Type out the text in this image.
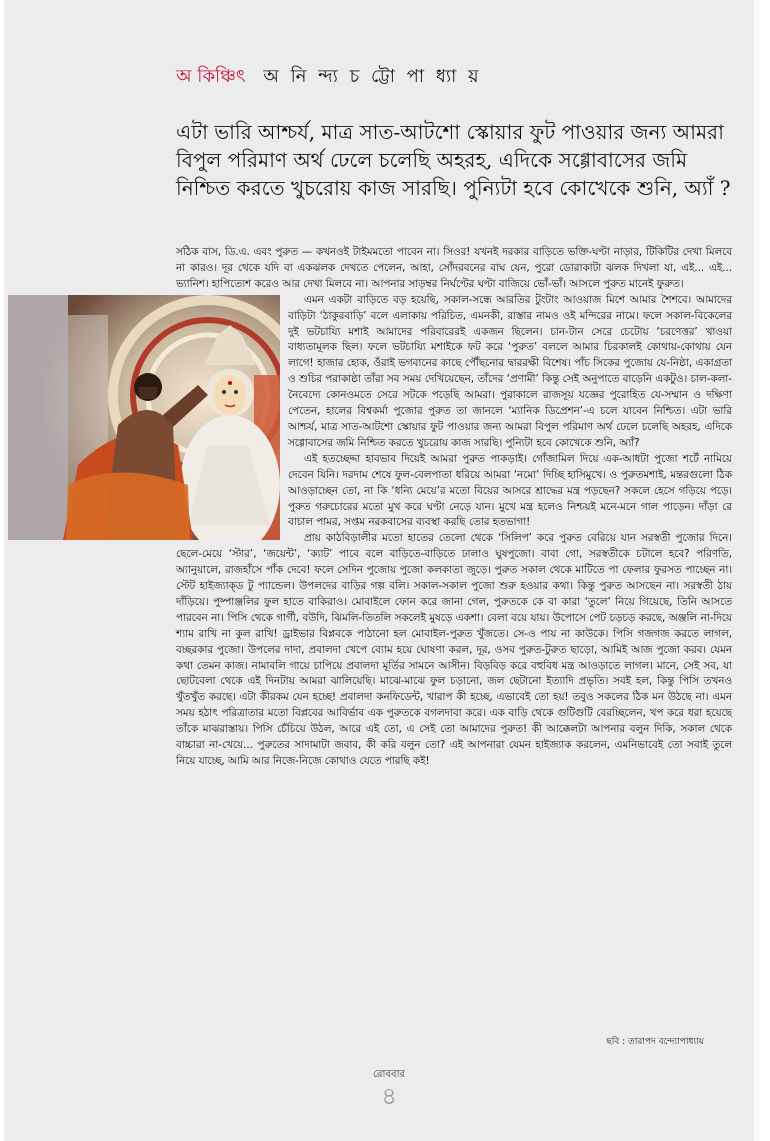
অ কিঞ্চিৎ অ নি ন্দ্য চ ট্টো পা ধ্যা য়
এটা ভারি আশ্চর্য, মাত্র সাত-আটশো স্কোয়ার ফুট পাওয়ার জন্য আমরা বিপুল পরিমাণ অর্থ ঢেলে চলেছি অহরহ, এদিকে সগ্গোবাসের জমি নিশ্চিত করতে খুচরোয় কাজ সারছি। পুন্যিটা হবে কোখেকে শুনি, অ্যাঁ ?

সঠিক বাস, ডি.এ. এবং পুরুত — কখনওই টাইমমতো পাবেন না। সিওর! যখনই দরকার বাড়িতে ভক্তি-ঘণ্টা নাড়ার, টিকিটির দেখা মিলবে না কারও। দূর থেকে যদি বা একঝলক দেখতে পেলেন, আহা, সোঁদরবনের বাঘ যেন, পুরো ডোরাকাটা ঝলক দিখলা যা, এই... এই... ভ্যানিশ। হাপিত্যেশ করেও আর দেখা মিলবে না। আপনার সাড়ম্বর নির্ঘণ্টের ঘণ্টা বাজিয়ে ভোঁ-ভাঁ। আসলে পুরুত মানেই ফুরুত।

এমন একটা বাড়িতে বড় হয়েছি, সকাল-সন্ধে আরতির টুংটাং আওয়াজ মিশে আমার শৈশবে। আমাদের বাড়িটা ‘ঠাকুরবাড়ি’ বলে এলাকায় পরিচিত, এমনকী, রাস্তার নামও ওই মন্দিরের নামে। ফলে সকাল-বিকেলের দুই ভটচায্যি মশাই আমাদের পরিবারেরই একজন ছিলেন। চান-টান সেরে চেটোয় ‘চরণেত্তর’ খাওয়া বাধ্যতামূলক ছিল। ফলে ভটচায্যি মশাইকে ফট করে ‘পুরুত’ বললে আমার চিরকালই কোথায়-কোথায় যেন লাগে! হাজার হোক, ওঁরাই ভগবানের কাছে পৌঁছনোর দ্বাররক্ষী বিশেষ। পাঁচ সিকের পুজোয় যে-নিষ্ঠা, একাগ্রতা ও শুচির পরাকাষ্ঠা তাঁরা সব সময় দেখিয়েছেন, তাঁদের ‘প্রণামী’ কিন্তু সেই অনুপাতে বাড়েনি একটুও। চাল-কলা-নৈবেদ্যে কোনওমতে সেরে সটকে পড়েছি আমরা। পুরাকালে রাজসূয় যজ্ঞের পুরোহিত যে-সম্মান ও দক্ষিণা পেতেন, হালের বিশ্বকর্মা পুজোর পুরুত তা জানলে ‘ম্যানিক ডিপ্রেশন’-এ চলে যাবেন নিশ্চিত। এটা ভারি আশ্চর্য, মাত্র সাত-আটশো স্কোয়ার ফুট পাওয়ার জন্য আমরা বিপুল পরিমাণ অর্থ ঢেলে চলেছি অহরহ, এদিকে সগ্গোবাসের জমি নিশ্চিত করতে খুচরোয় কাজ সারছি। পুন্যিটা হবে কোখেকে শুনি, অ্যাঁ?

এই হতচ্ছেদ্দা হাবভাব দিয়েই আমরা পুরুত পাকড়াই। গোঁজামিল দিয়ে এক-আধটা পুজো শর্টে নামিয়ে দেবেন যিনি। দরদাম শেষে ফুল-বেলপাতা ধরিয়ে আমরা ‘নমো’ দিচ্ছি হাসিমুখে। ও পুরুতমশাই, মন্তরগুলো ঠিক আওড়াচ্ছেন তো, না কি ‘ধন্যি মেয়ে’র মতো বিয়ের আসরে শ্রাদ্ধের মন্ত্র পড়ছেন? সকলে হেসে গড়িয়ে পড়ে। পুরুত গরুচোরের মতো মুখ করে ঘণ্টা নেড়ে যান। মুখে মন্ত্র হলেও নিশ্চয়ই মনে-মনে গাল পাড়েন। দাঁড়া রে বাচাল পামর, সপ্তম নরকবাসের ব্যবস্থা করছি তোর হতভাগা!

প্রায় কাঠবিড়ালীর মতো হাতের তেলো থেকে ‘সিলিপ’ করে পুরুত বেরিয়ে যান সরস্বতী পুজোর দিনে। ছেলে-মেয়ে ‘স্টার’, ‘জয়েন্ট’, ‘ক্যাট’ পাবে বলে বাড়িতে-বাড়িতে ঢালাও ঘুষপুজো। বাবা গো, সরস্বতীকে চটালে হবে? পরিণতি, অ্যানুয়ালে, রাজহাঁসে পাঁক দেবে! ফলে সেদিন পুজোয় পুজো কলকাতা জুড়ে। পুরুত সকাল থেকে মাটিতে পা ফেলার ফুরসত পাচ্ছেন না। স্টেট হাইজ্যাক্ড টু প্যান্ডেল। উপলদের বাড়ির গল্প বলি। সকাল-সকাল পুজো শুরু হওয়ার কথা। কিন্তু পুরুত আসছেন না। সরস্বতী ঠায় দাঁড়িয়ে। পুষ্পাঞ্জলির ফুল হাতে বাকিরাও। মোবাইলে ফোন করে জানা গেল, পুরুতকে কে বা কারা ‘তুলে’ নিয়ে গিয়েছে, তিনি আসতে পারবেন না। পিসি থেকে গার্গী, বউদি, ঝিমলি-তিতলি সকলেই মুষড়ে একশা। বেলা বয়ে যায়। উপোসে পেট চড়চড় করছে, অঞ্জলি না-দিয়ে শ্যাম রাখি না কুল রাখি! ড্রাইভার বিপ্লবকে পাঠানো হল মোবাইল-পুরুত খুঁজতে। সে-ও পায় না কাউকে। পিসি গজগজ করতে লাগল, বচ্ছরকার পুজো। উপলের দাদা, প্রবালদা খেপে ব্যোম হয়ে ঘোষণা করল, দূর, ওসব পুরুত-টুরুত ছাড়ো, আমিই আজ পুজো করব। যেমন কথা তেমন কাজ। নামাবলি গায়ে চাপিয়ে প্রবালদা মূর্তির সামনে আসীন। বিড়বিড় করে বহুবিধ মন্ত্র আওড়াতে লাগল। মানে, সেই সব, যা ছোটবেলা থেকে এই দিনটায় আমরা ঝালিয়েছি। মাঝে-মাঝে ফুল চড়ানো, জল ছেটানো ইত্যাদি প্রভৃতি। সবই হল, কিন্তু পিসি তখনও খুঁতখুঁত করছে। এটা কীরকম যেন হচ্ছে! প্রবালদা কনফিডেন্ট, খারাপ কী হচ্ছে, এভাবেই তো হয়! তবুও সকলের ঠিক মন উঠছে না। এমন সময় হঠাৎ পরিত্রাতার মতো বিপ্লবের আবির্ভাব এক পুরুতকে বগলদাবা করে। এক বাড়ি থেকে গুটিগুটি বেরচ্ছিলেন, খপ করে ধরা হয়েছে তাঁকে মাঝরাস্তায়। পিসি চেঁচিয়ে উঠল, আরে এই তো, এ সেই তো আমাদের পুরুত! কী আক্কেলটা আপনার বলুন দিকি, সকাল থেকে বাচ্চারা না-খেয়ে... পুরুতের সাদামাটা জবাব, কী করি বলুন তো? এই আপনারা যেমন হাইজ্যাক করলেন, এমনিভাবেই তো সবাই তুলে নিয়ে যাচ্ছে, আমি আর নিজে-নিজে কোথাও যেতে পারছি কই!

ছবি : তারাপদ বন্দ্যোপাধ্যায়
রোববার
৪
